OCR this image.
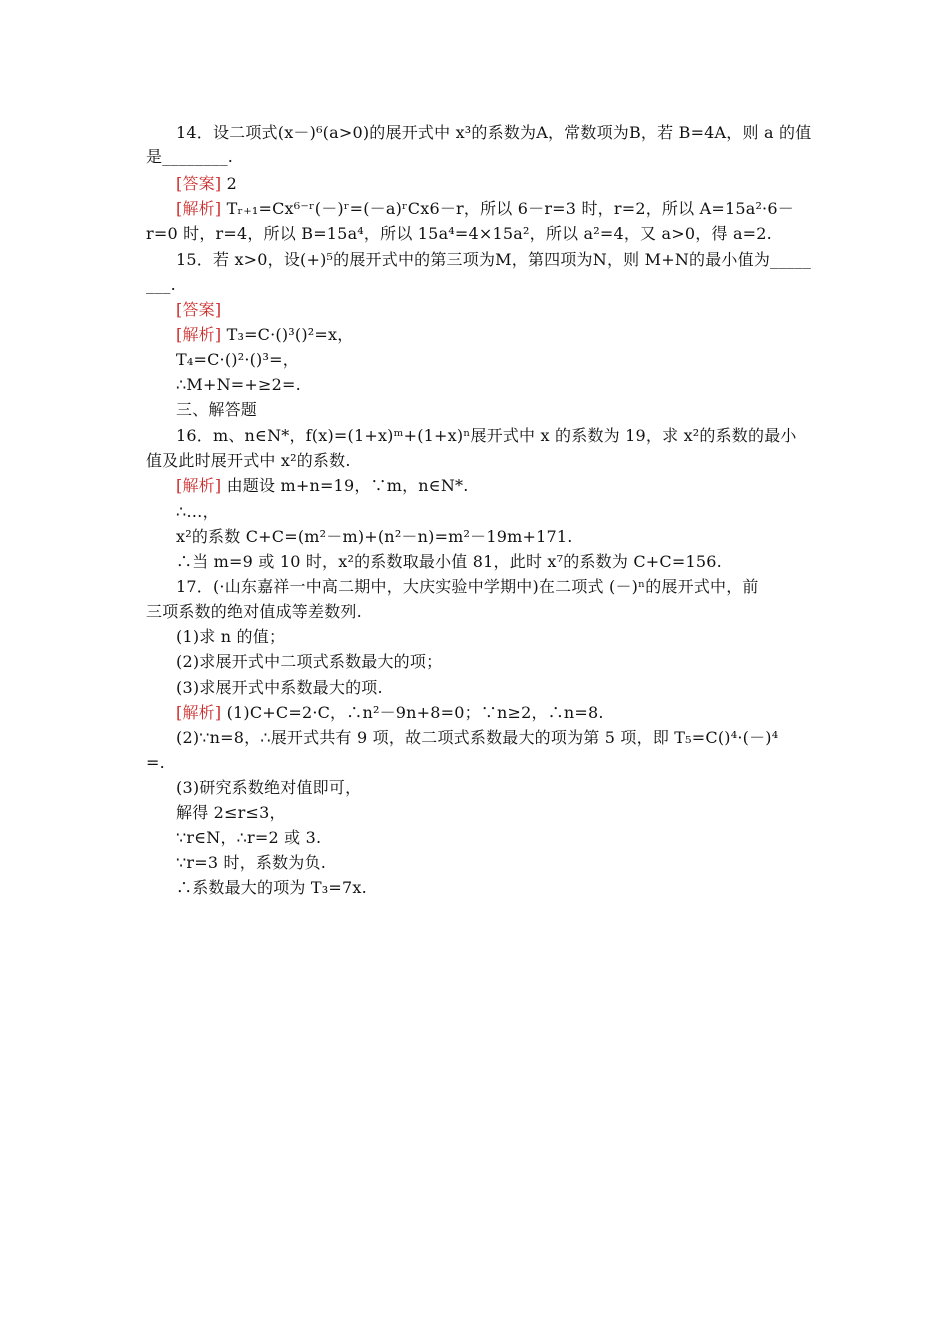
14．设二项式(x－)⁶(a>0)的展开式中 x³的系数为A，常数项为B，若 B=4A，则 a 的值
是________.
[答案] 2
[解析] Tᵣ₊₁=Cx⁶⁻ʳ(－)ʳ=(－a)ʳCx6－r，所以 6－r=3 时，r=2，所以 A=15a²·6－
r=0 时，r=4，所以 B=15a⁴，所以 15a⁴=4×15a²，所以 a²=4，又 a>0，得 a=2.
15．若 x>0，设(+)⁵的展开式中的第三项为M，第四项为N，则 M+N的最小值为_____
___.
[答案]
[解析] T₃=C·()³()²=x，
T₄=C·()²·()³=，
∴M+N=+≥2=.
三、解答题
16．m、n∈N*，f(x)=(1+x)ᵐ+(1+x)ⁿ展开式中 x 的系数为 19，求 x²的系数的最小
值及此时展开式中 x²的系数.
[解析] 由题设 m+n=19，∵m，n∈N*.
∴…，
x²的系数 C+C=(m²－m)+(n²－n)=m²－19m+171.
∴当 m=9 或 10 时，x²的系数取最小值 81，此时 x⁷的系数为 C+C=156.
17．(·山东嘉祥一中高二期中，大庆实验中学期中)在二项式 (－)ⁿ的展开式中，前
三项系数的绝对值成等差数列.
(1)求 n 的值；
(2)求展开式中二项式系数最大的项；
(3)求展开式中系数最大的项.
[解析] (1)C+C=2·C，∴n²－9n+8=0；∵n≥2，∴n=8.
(2)∵n=8，∴展开式共有 9 项，故二项式系数最大的项为第 5 项，即 T₅=C()⁴·(－)⁴
=.
(3)研究系数绝对值即可，
解得 2≤r≤3，
∵r∈N，∴r=2 或 3.
∵r=3 时，系数为负.
∴系数最大的项为 T₃=7x.
